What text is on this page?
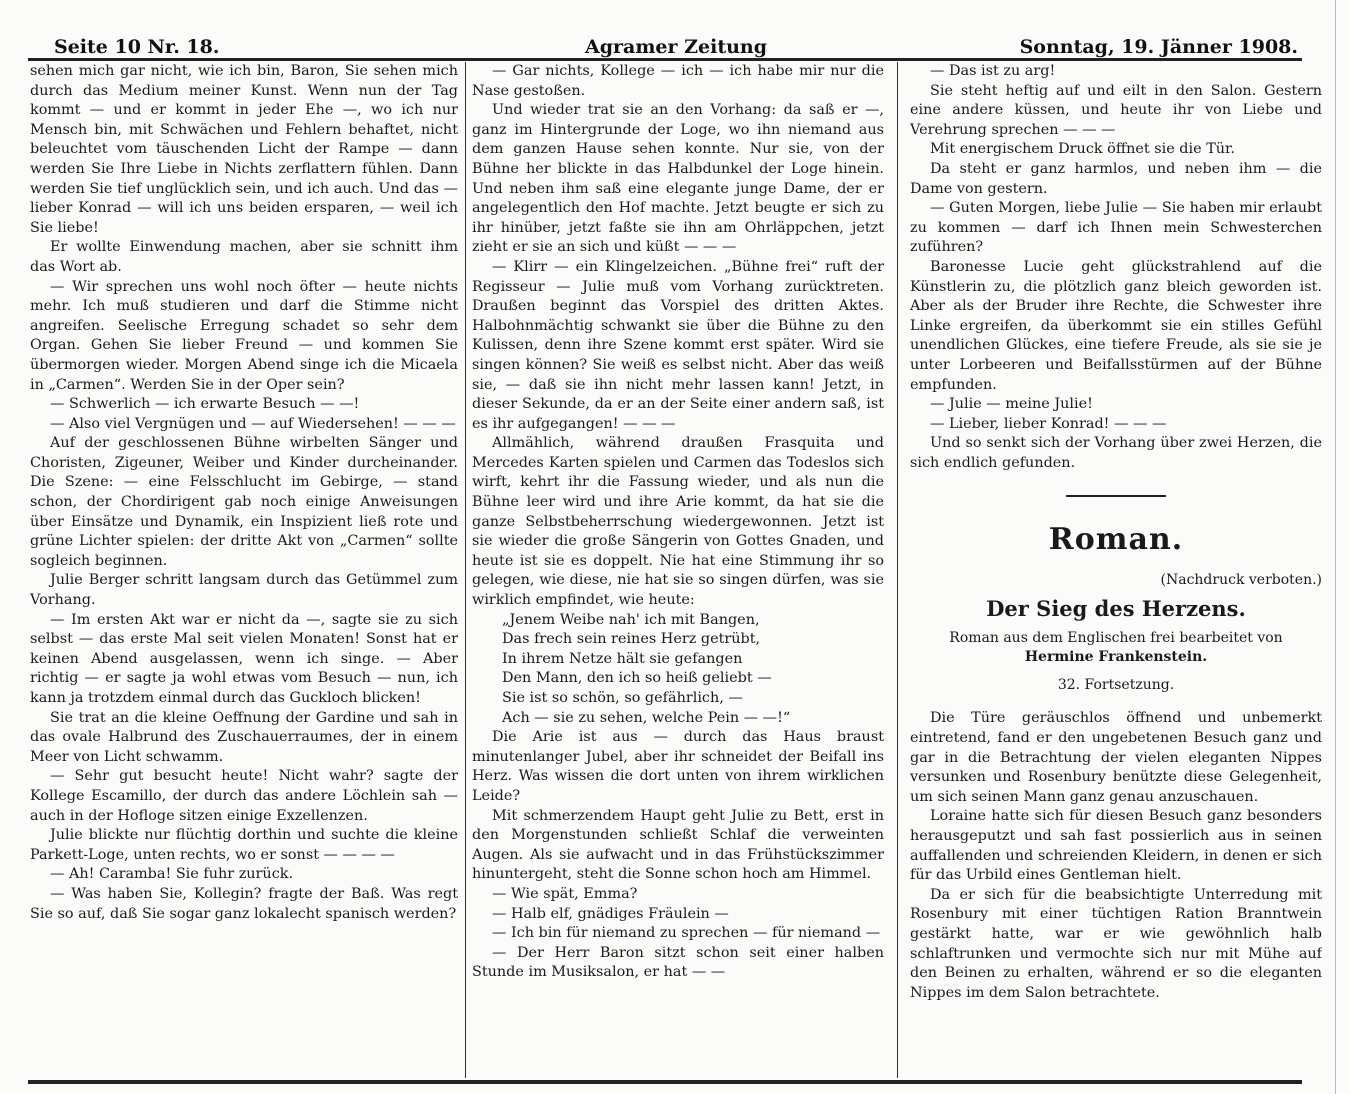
Seite 10 Nr. 18.	Agramer Zeitung	Sonntag, 19. Jänner 1908.

sehen mich gar nicht, wie ich bin, Baron, Sie sehen mich durch das Medium meiner Kunst. Wenn nun der Tag kommt — und er kommt in jeder Ehe —, wo ich nur Mensch bin, mit Schwächen und Fehlern behaftet, nicht beleuchtet vom täuschenden Licht der Rampe — dann werden Sie Ihre Liebe in Nichts zerflattern fühlen. Dann werden Sie tief unglücklich sein, und ich auch. Und das — lieber Konrad — will ich uns beiden ersparen, — weil ich Sie liebe!

Er wollte Einwendung machen, aber sie schnitt ihm das Wort ab.

— Wir sprechen uns wohl noch öfter — heute nichts mehr. Ich muß studieren und darf die Stimme nicht angreifen. Seelische Erregung schadet so sehr dem Organ. Gehen Sie lieber Freund — und kommen Sie übermorgen wieder. Morgen Abend singe ich die Micaela in „Carmen“. Werden Sie in der Oper sein?

— Schwerlich — ich erwarte Besuch — —!

— Also viel Vergnügen und — auf Wiedersehen! — — —

Auf der geschlossenen Bühne wirbelten Sänger und Choristen, Zigeuner, Weiber und Kinder durcheinander. Die Szene: — eine Felsschlucht im Gebirge, — stand schon, der Chordirigent gab noch einige Anweisungen über Einsätze und Dynamik, ein Inspizient ließ rote und grüne Lichter spielen: der dritte Akt von „Carmen“ sollte sogleich beginnen.

Julie Berger schritt langsam durch das Getümmel zum Vorhang.

— Im ersten Akt war er nicht da —, sagte sie zu sich selbst — das erste Mal seit vielen Monaten! Sonst hat er keinen Abend ausgelassen, wenn ich singe. — Aber richtig — er sagte ja wohl etwas vom Besuch — nun, ich kann ja trotzdem einmal durch das Guckloch blicken!

Sie trat an die kleine Oeffnung der Gardine und sah in das ovale Halbrund des Zuschauerraumes, der in einem Meer von Licht schwamm.

— Sehr gut besucht heute! Nicht wahr? sagte der Kollege Escamillo, der durch das andere Löchlein sah — auch in der Hofloge sitzen einige Exzellenzen.

Julie blickte nur flüchtig dorthin und suchte die kleine Parkett-Loge, unten rechts, wo er sonst — — — —

— Ah! Caramba! Sie fuhr zurück.

— Was haben Sie, Kollegin? fragte der Baß. Was regt Sie so auf, daß Sie sogar ganz lokalecht spanisch werden?

— Gar nichts, Kollege — ich — ich habe mir nur die Nase gestoßen.

Und wieder trat sie an den Vorhang: da saß er —, ganz im Hintergrunde der Loge, wo ihn niemand aus dem ganzen Hause sehen konnte. Nur sie, von der Bühne her blickte in das Halbdunkel der Loge hinein. Und neben ihm saß eine elegante junge Dame, der er angelegentlich den Hof machte. Jetzt beugte er sich zu ihr hinüber, jetzt faßte sie ihn am Ohrläppchen, jetzt zieht er sie an sich und küßt — — —

— Klirr — ein Klingelzeichen. „Bühne frei“ ruft der Regisseur — Julie muß vom Vorhang zurücktreten. Draußen beginnt das Vorspiel des dritten Aktes. Halbohnmächtig schwankt sie über die Bühne zu den Kulissen, denn ihre Szene kommt erst später. Wird sie singen können? Sie weiß es selbst nicht. Aber das weiß sie, — daß sie ihn nicht mehr lassen kann! Jetzt, in dieser Sekunde, da er an der Seite einer andern saß, ist es ihr aufgegangen! — — —

Allmählich, während draußen Frasquita und Mercedes Karten spielen und Carmen das Todeslos sich wirft, kehrt ihr die Fassung wieder, und als nun die Bühne leer wird und ihre Arie kommt, da hat sie die ganze Selbstbeherrschung wiedergewonnen. Jetzt ist sie wieder die große Sängerin von Gottes Gnaden, und heute ist sie es doppelt. Nie hat eine Stimmung ihr so gelegen, wie diese, nie hat sie so singen dürfen, was sie wirklich empfindet, wie heute:

„Jenem Weibe nah' ich mit Bangen,
Das frech sein reines Herz getrübt,
In ihrem Netze hält sie gefangen
Den Mann, den ich so heiß geliebt —
Sie ist so schön, so gefährlich, —
Ach — sie zu sehen, welche Pein — —!“

Die Arie ist aus — durch das Haus braust minutenlanger Jubel, aber ihr schneidet der Beifall ins Herz. Was wissen die dort unten von ihrem wirklichen Leide?

Mit schmerzendem Haupt geht Julie zu Bett, erst in den Morgenstunden schließt Schlaf die verweinten Augen. Als sie aufwacht und in das Frühstückszimmer hinuntergeht, steht die Sonne schon hoch am Himmel.

— Wie spät, Emma?

— Halb elf, gnädiges Fräulein —

— Ich bin für niemand zu sprechen — für niemand —

— Der Herr Baron sitzt schon seit einer halben Stunde im Musiksalon, er hat — —

— Das ist zu arg!

Sie steht heftig auf und eilt in den Salon. Gestern eine andere küssen, und heute ihr von Liebe und Verehrung sprechen — — —

Mit energischem Druck öffnet sie die Tür.

Da steht er ganz harmlos, und neben ihm — die Dame von gestern.

— Guten Morgen, liebe Julie — Sie haben mir erlaubt zu kommen — darf ich Ihnen mein Schwesterchen zuführen?

Baronesse Lucie geht glückstrahlend auf die Künstlerin zu, die plötzlich ganz bleich geworden ist. Aber als der Bruder ihre Rechte, die Schwester ihre Linke ergreifen, da überkommt sie ein stilles Gefühl unendlichen Glückes, eine tiefere Freude, als sie sie je unter Lorbeeren und Beifallsstürmen auf der Bühne empfunden.

— Julie — meine Julie!

— Lieber, lieber Konrad! — — —

Und so senkt sich der Vorhang über zwei Herzen, die sich endlich gefunden.

Roman.
(Nachdruck verboten.)
Der Sieg des Herzens.
Roman aus dem Englischen frei bearbeitet von
Hermine Frankenstein.
32. Fortsetzung.

Die Türe geräuschlos öffnend und unbemerkt eintretend, fand er den ungebetenen Besuch ganz und gar in die Betrachtung der vielen eleganten Nippes versunken und Rosenbury benützte diese Gelegenheit, um sich seinen Mann ganz genau anzuschauen.

Loraine hatte sich für diesen Besuch ganz besonders herausgeputzt und sah fast possierlich aus in seinen auffallenden und schreienden Kleidern, in denen er sich für das Urbild eines Gentleman hielt.

Da er sich für die beabsichtigte Unterredung mit Rosenbury mit einer tüchtigen Ration Branntwein gestärkt hatte, war er wie gewöhnlich halb schlaftrunken und vermochte sich nur mit Mühe auf den Beinen zu erhalten, während er so die eleganten Nippes im dem Salon betrachtete.
